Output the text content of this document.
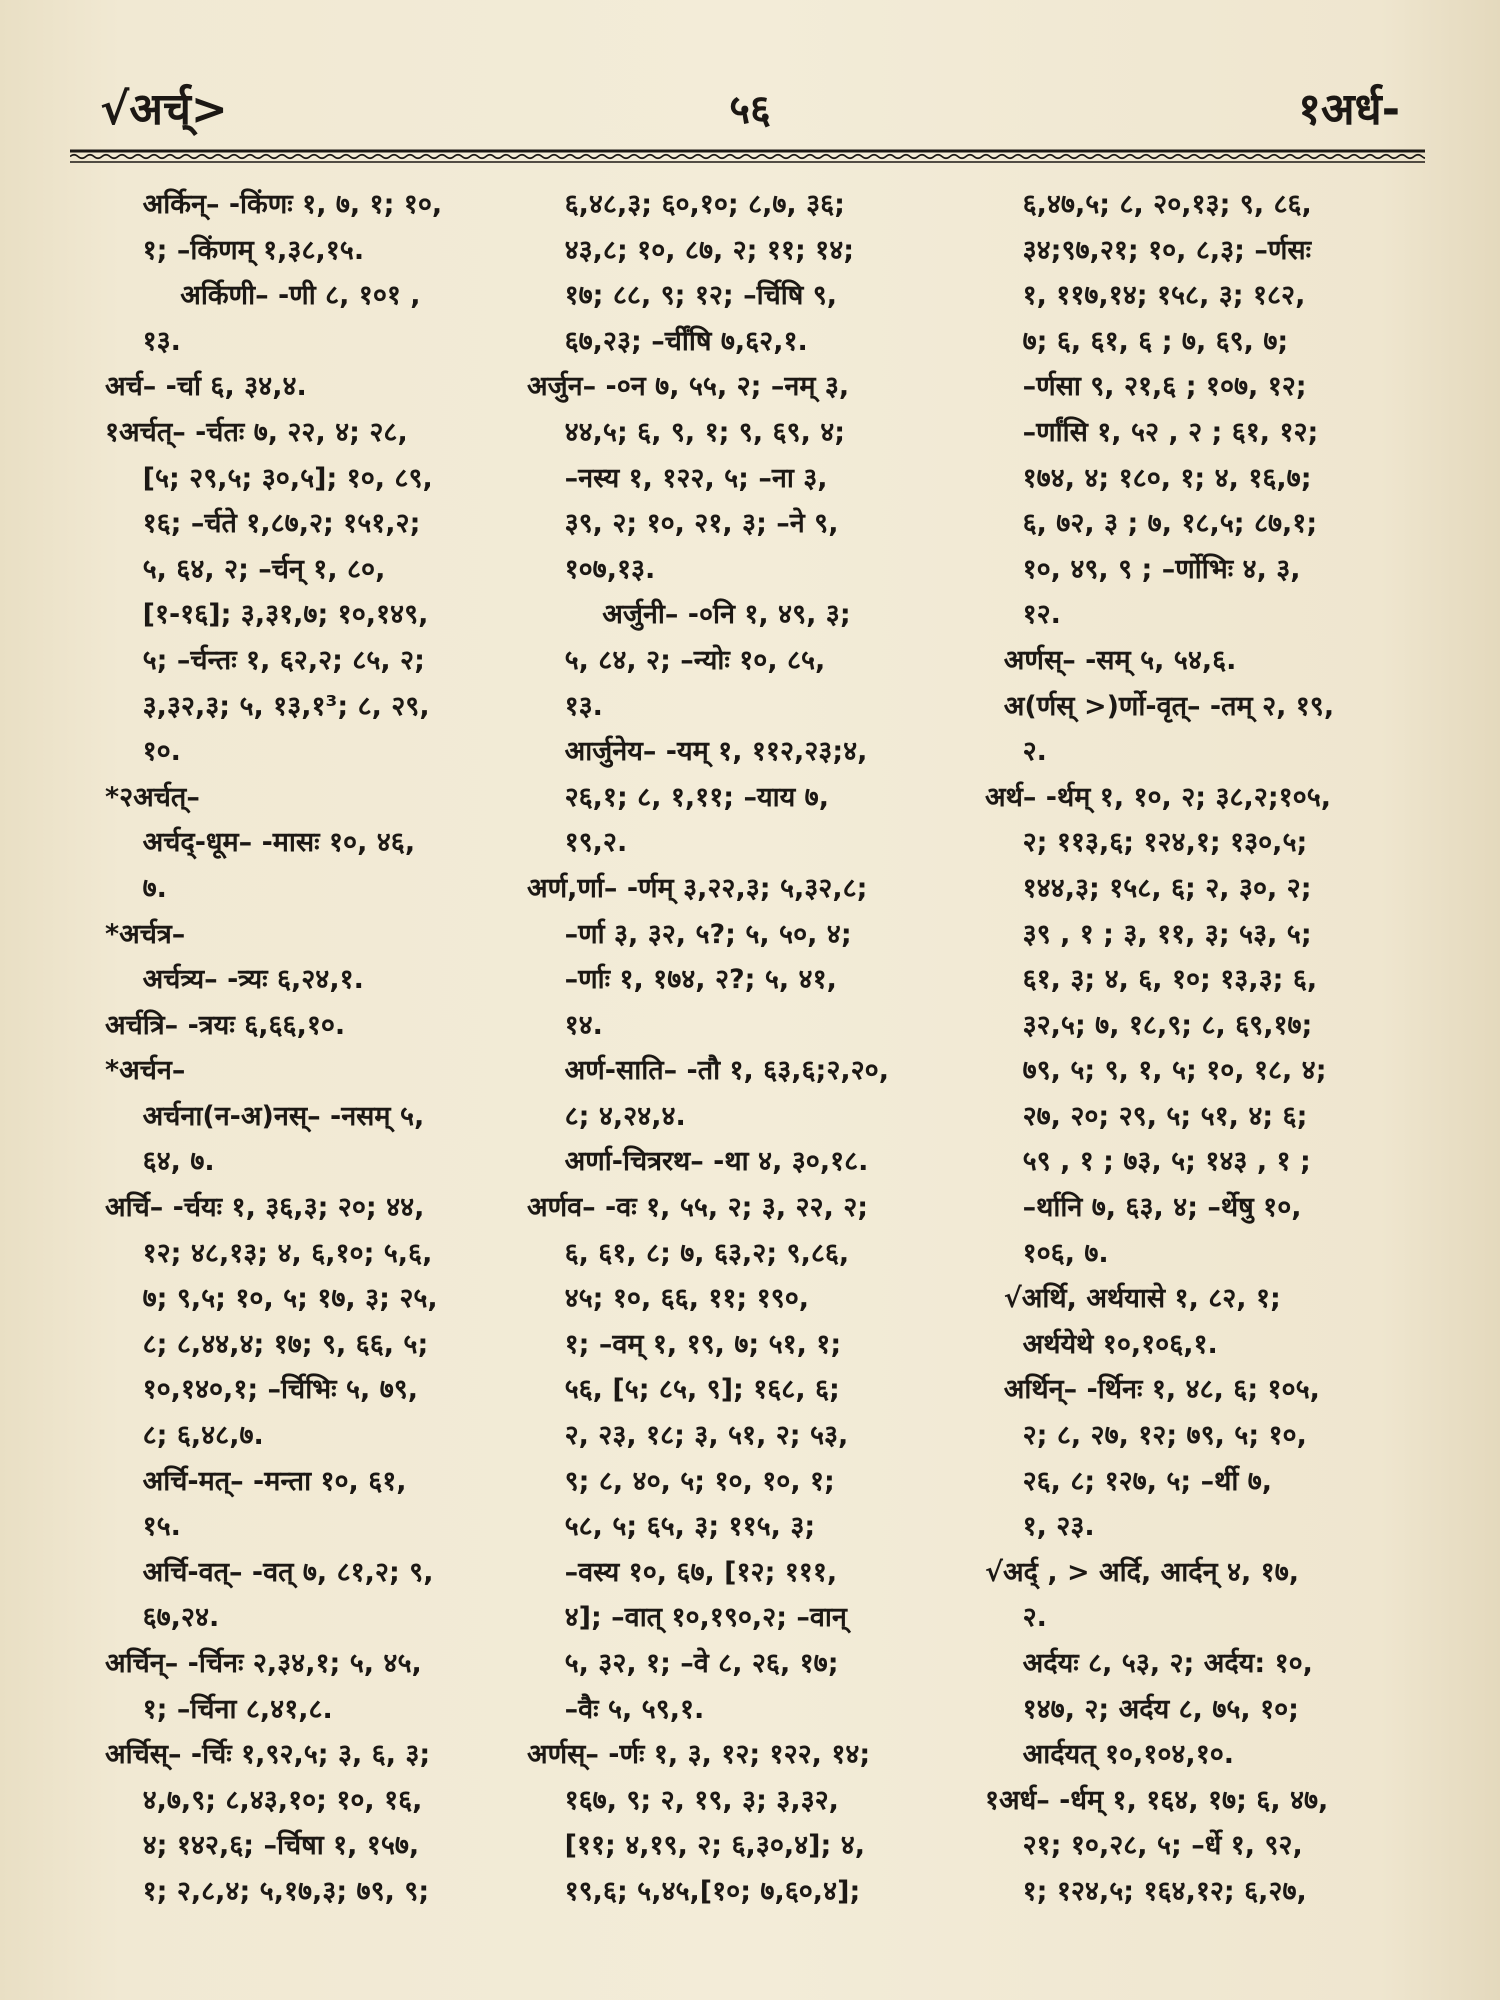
√अर्च्>	५६	१अर्ध-
अर्किन्– -किंणः १, ७, १; १०,
१; –किंणम् १,३८,१५.
अर्किणी– -णी ८, १०१ ,
१३.
अर्च– -र्चा ६, ३४,४.
१अर्चत्– -र्चतः ७, २२, ४; २८,
[५; २९,५; ३०,५]; १०, ८९,
१६; –र्चते १,८७,२; १५१,२;
५, ६४, २; –र्चन् १, ८०,
[१-१६]; ३,३१,७; १०,१४९,
५; –र्चन्तः १, ६२,२; ८५, २;
३,३२,३; ५, १३,१³; ८, २९,
१०.
*२अर्चत्–
अर्चद्-धूम– -मासः १०, ४६,
७.
*अर्चत्र–
अर्चत्र्य– -त्र्यः ६,२४,१.
अर्चत्रि– -त्रयः ६,६६,१०.
*अर्चन–
अर्चना(न-अ)नस्– -नसम् ५,
६४, ७.
अर्चि– -र्चयः १, ३६,३; २०; ४४,
१२; ४८,१३; ४, ६,१०; ५,६,
७; ९,५; १०, ५; १७, ३; २५,
८; ८,४४,४; १७; ९, ६६, ५;
१०,१४०,१; –र्चिभिः ५, ७९,
८; ६,४८,७.
अर्चि-मत्– -मन्ता १०, ६१,
१५.
अर्चि-वत्– -वत् ७, ८१,२; ९,
६७,२४.
अर्चिन्– -र्चिनः २,३४,१; ५, ४५,
१; –र्चिना ८,४१,८.
अर्चिस्– -र्चिः १,९२,५; ३, ६, ३;
४,७,९; ८,४३,१०; १०, १६,
४; १४२,६; –र्चिषा १, १५७,
१; २,८,४; ५,१७,३; ७९, ९;
६,४८,३; ६०,१०; ८,७, ३६;
४३,८; १०, ८७, २; ११; १४;
१७; ८८, ९; १२; –र्चिषि ९,
६७,२३; –र्चींषि ७,६२,१.
अर्जुन– -०न ७, ५५, २; –नम् ३,
४४,५; ६, ९, १; ९, ६९, ४;
–नस्य १, १२२, ५; –ना ३,
३९, २; १०, २१, ३; –ने ९,
१०७,१३.
अर्जुनी– -०नि १, ४९, ३;
५, ८४, २; –न्योः १०, ८५,
१३.
आर्जुनेय– -यम् १, ११२,२३;४,
२६,१; ८, १,११; –याय ७,
१९,२.
अर्ण,र्णा– -र्णम् ३,२२,३; ५,३२,८;
–र्णा ३, ३२, ५?; ५, ५०, ४;
–र्णाः १, १७४, २?; ५, ४१,
१४.
अर्ण-साति– -तौ १, ६३,६;२,२०,
८; ४,२४,४.
अर्णा-चित्ररथ– -था ४, ३०,१८.
अर्णव– -वः १, ५५, २; ३, २२, २;
६, ६१, ८; ७, ६३,२; ९,८६,
४५; १०, ६६, ११; १९०,
१; –वम् १, १९, ७; ५१, १;
५६, [५; ८५, ९]; १६८, ६;
२, २३, १८; ३, ५१, २; ५३,
९; ८, ४०, ५; १०, १०, १;
५८, ५; ६५, ३; ११५, ३;
–वस्य १०, ६७, [१२; १११,
४]; –वात् १०,१९०,२; –वान्
५, ३२, १; –वे ८, २६, १७;
–वैः ५, ५९,१.
अर्णस्– -र्णः १, ३, १२; १२२, १४;
१६७, ९; २, १९, ३; ३,३२,
[११; ४,१९, २; ६,३०,४]; ४,
१९,६; ५,४५,[१०; ७,६०,४];
६,४७,५; ८, २०,१३; ९, ८६,
३४;९७,२१; १०, ८,३; –र्णसः
१, ११७,१४; १५८, ३; १८२,
७; ६, ६१, ६ ; ७, ६९, ७;
–र्णसा ९, २१,६ ; १०७, १२;
–र्णांसि १, ५२ , २ ; ६१, १२;
१७४, ४; १८०, १; ४, १६,७;
६, ७२, ३ ; ७, १८,५; ८७,१;
१०, ४९, ९ ; –र्णोभिः ४, ३,
१२.
अर्णस्– -सम् ५, ५४,६.
अ(र्णस् >)र्णो-वृत्– -तम् २, १९,
२.
अर्थ– -र्थम् १, १०, २; ३८,२;१०५,
२; ११३,६; १२४,१; १३०,५;
१४४,३; १५८, ६; २, ३०, २;
३९ , १ ; ३, ११, ३; ५३, ५;
६१, ३; ४, ६, १०; १३,३; ६,
३२,५; ७, १८,९; ८, ६९,१७;
७९, ५; ९, १, ५; १०, १८, ४;
२७, २०; २९, ५; ५१, ४; ६;
५९ , १ ; ७३, ५; १४३ , १ ;
–र्थानि ७, ६३, ४; –र्थेषु १०,
१०६, ७.
√अर्थि, अर्थयासे १, ८२, १;
अर्थयेथे १०,१०६,१.
अर्थिन्– -र्थिनः १, ४८, ६; १०५,
२; ८, २७, १२; ७९, ५; १०,
२६, ८; १२७, ५; –र्थी ७,
१, २३.
√अर्द् , > अर्दि, आर्दन् ४, १७,
२.
अर्दयः ८, ५३, २; अर्दय: १०,
१४७, २; अर्दय ८, ७५, १०;
आर्दयत् १०,१०४,१०.
१अर्ध– -र्धम् १, १६४, १७; ६, ४७,
२१; १०,२८, ५; –र्धे १, ९२,
१; १२४,५; १६४,१२; ६,२७,
